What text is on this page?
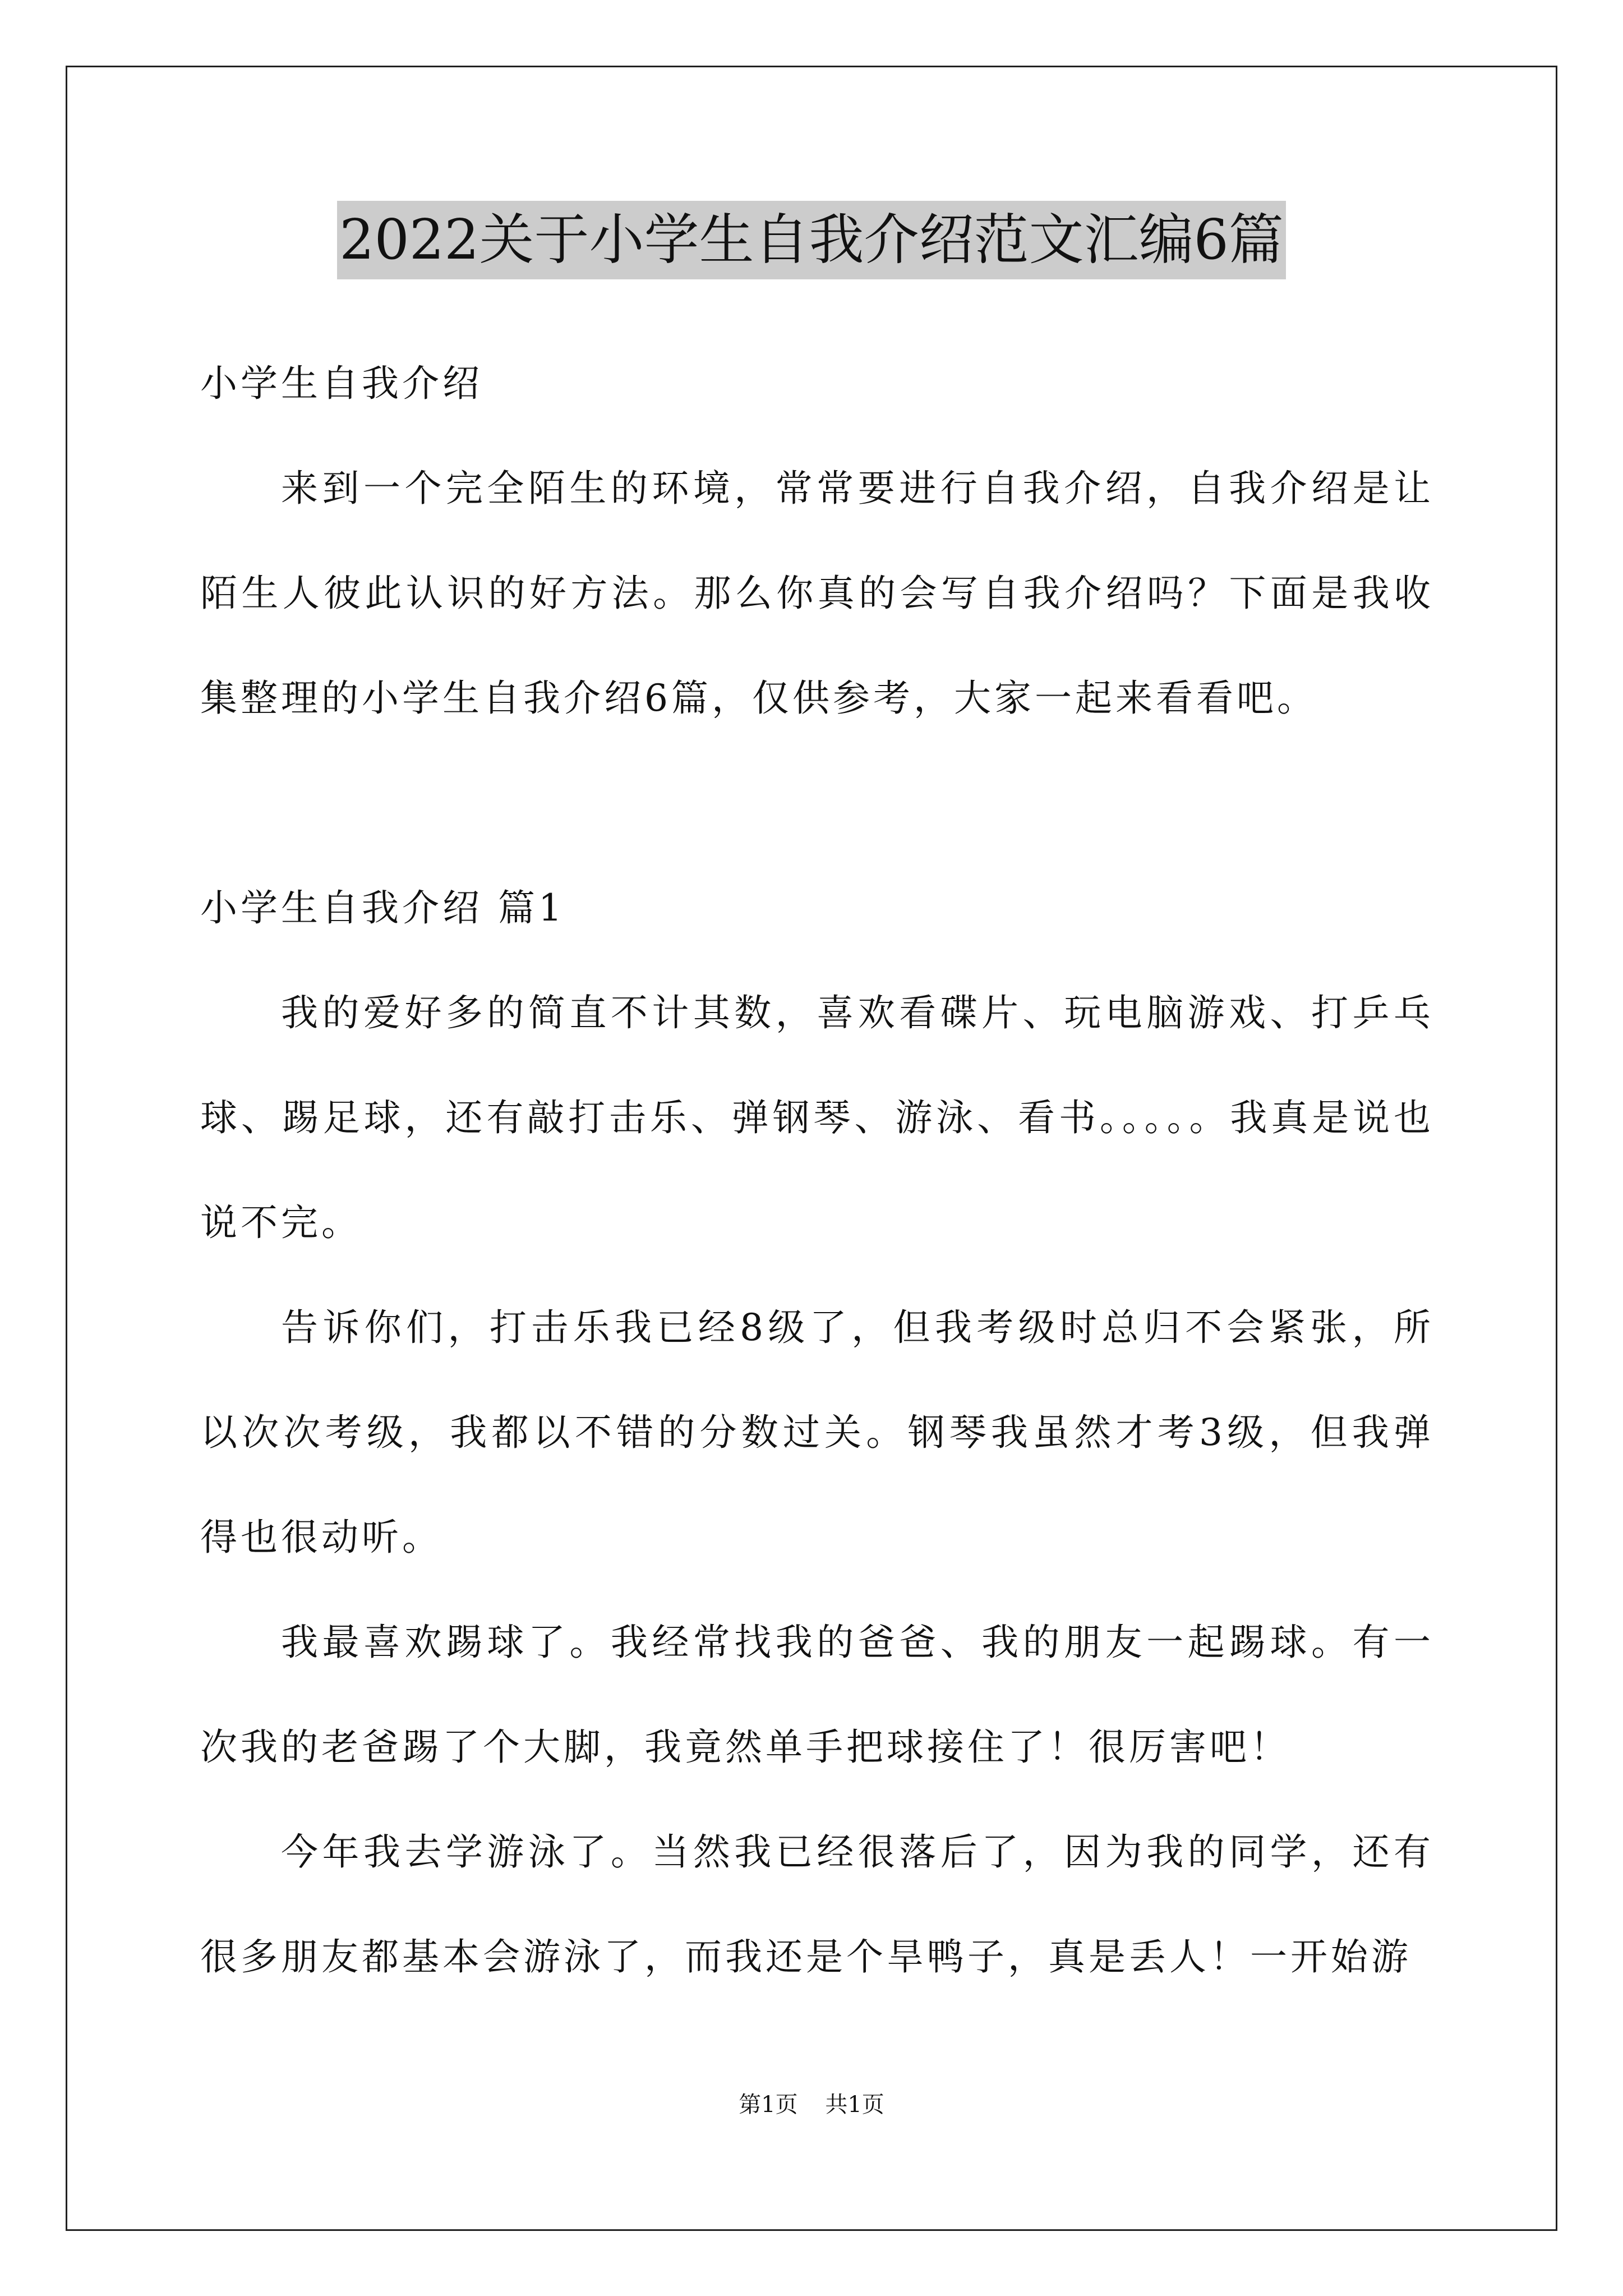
2022关于小学生自我介绍范文汇编6篇
小学生自我介绍

来到一个完全陌生的环境，常常要进行自我介绍，自我介绍是让陌生人彼此认识的好方法。那么你真的会写自我介绍吗？下面是我收集整理的小学生自我介绍6篇，仅供参考，大家一起来看看吧。

小学生自我介绍 篇1

我的爱好多的简直不计其数，喜欢看碟片、玩电脑游戏、打乒乓球、踢足球，还有敲打击乐、弹钢琴、游泳、看书。。。。。我真是说也说不完。

告诉你们，打击乐我已经8级了，但我考级时总归不会紧张，所以次次考级，我都以不错的分数过关。钢琴我虽然才考3级，但我弹得也很动听。

我最喜欢踢球了。我经常找我的爸爸、我的朋友一起踢球。有一次我的老爸踢了个大脚，我竟然单手把球接住了！很厉害吧！

今年我去学游泳了。当然我已经很落后了，因为我的同学，还有很多朋友都基本会游泳了，而我还是个旱鸭子，真是丢人！一开始游

第1页 共1页
